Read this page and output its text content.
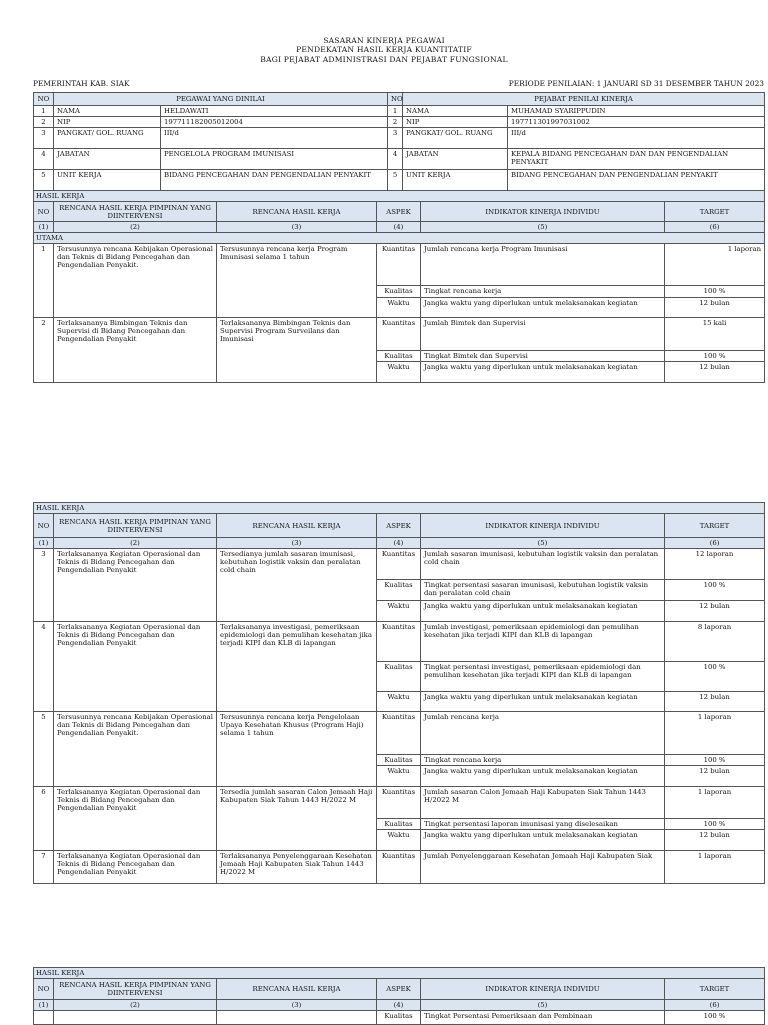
SASARAN KINERJA PEGAWAI
PENDEKATAN HASIL KERJA KUANTITATIF
BAGI PEJABAT ADMINISTRASI DAN PEJABAT FUNGSIONAL
PEMERINTAH KAB. SIAK	PERIODE PENILAIAN: 1 JANUARI SD 31 DESEMBER TAHUN 2023
NO	PEGAWAI YANG DINILAI		NO	PEJABAT PENILAI KINERJA	
1	NAMA	HELDAWATI	1	NAMA	MUHAMAD SYARIPPUDIN
2	NIP	197711182005012004	2	NIP	197711301997031002
3	PANGKAT/ GOL. RUANG	III/d	3	PANGKAT/ GOL. RUANG	III/d
4	JABATAN	PENGELOLA PROGRAM IMUNISASI	4	JABATAN	KEPALA BIDANG PENCEGAHAN DAN DAN PENGENDALIAN PENYAKIT
5	UNIT KERJA	BIDANG PENCEGAHAN DAN PENGENDALIAN PENYAKIT	5	UNIT KERJA	BIDANG PENCEGAHAN DAN PENGENDALIAN PENYAKIT
HASIL KERJA					
NO	RENCANA HASIL KERJA PIMPINAN YANG DIINTERVENSI	RENCANA HASIL KERJA	ASPEK	INDIKATOR KINERJA INDIVIDU	TARGET
(1)	(2)	(3)	(4)	(5)	(6)
UTAMA					
1	Tersusunnya rencana Kebijakan Operasional dan Teknis di Bidang Pencegahan dan Pengendalian Penyakit.	Tersusunnya rencana kerja Program Imunisasi selama 1 tahun	Kuantitas	Jumlah rencana kerja Program Imunisasi	1 laporan
			Kualitas	Tingkat rencana kerja	100 %
			Waktu	Jangka waktu yang diperlukan untuk melaksanakan kegiatan	12 bulan
2	Terlaksananya Bimbingan Teknis dan Supervisi di Bidang Pencegahan dan Pengendalian Penyakit	Terlaksananya Bimbingan Teknis dan Supervisi Program Surveilans dan Imunisasi	Kuantitas	Jumlah Bimtek dan Supervisi	15 kali
			Kualitas	Tingkat Bimtek dan Supervisi	100 %
			Waktu	Jangka waktu yang diperlukan untuk melaksanakan kegiatan	12 bulan
HASIL KERJA					
NO	RENCANA HASIL KERJA PIMPINAN YANG DIINTERVENSI	RENCANA HASIL KERJA	ASPEK	INDIKATOR KINERJA INDIVIDU	TARGET
(1)	(2)	(3)	(4)	(5)	(6)
3	Terlaksananya Kegiatan Operasional dan Teknis di Bidang Pencegahan dan Pengendalian Penyakit	Tersedianya jumlah sasaran imunisasi, kebutuhan logistik vaksin dan peralatan cold chain	Kuantitas	Jumlah sasaran imunisasi, kebutuhan logistik vaksin dan peralatan cold chain	12 laporan
			Kualitas	Tingkat persentasi sasaran imunisasi, kebutuhan logistik vaksin dan peralatan cold chain	100 %
			Waktu	Jangka waktu yang diperlukan untuk melaksanakan kegiatan	12 bulan
4	Terlaksananya Kegiatan Operasional dan Teknis di Bidang Pencegahan dan Pengendalian Penyakit	Terlaksananya investigasi, pemeriksaan epidemiologi dan pemulihan kesehatan jika terjadi KIPI dan KLB di lapangan	Kuantitas	Jumlah investigasi, pemeriksaan epidemiologi dan pemulihan kesehatan jika terjadi KIPI dan KLB di lapangan	8 laporan
			Kualitas	Tingkat persentasi investigasi, pemeriksaan epidemiologi dan pemulihan kesehatan jika terjadi KIPI dan KLB di lapangan	100 %
			Waktu	Jangka waktu yang diperlukan untuk melaksanakan kegiatan	12 bulan
5	Tersusunnya rencana Kebijakan Operasional dan Teknis di Bidang Pencegahan dan Pengendalian Penyakit.	Tersusunnya rencana kerja Pengelolaan Upaya Kesehatan Khusus (Program Haji) selama 1 tahun	Kuantitas	Jumlah rencana kerja	1 laporan
			Kualitas	Tingkat rencana kerja	100 %
			Waktu	Jangka waktu yang diperlukan untuk melaksanakan kegiatan	12 bulan
6	Terlaksananya Kegiatan Operasional dan Teknis di Bidang Pencegahan dan Pengendalian Penyakit	Tersedia jumlah sasaran Calon Jemaah Haji Kabupaten Siak Tahun 1443 H/2022 M	Kuantitas	Jumlah sasaran Calon Jemaah Haji Kabupaten Siak Tahun 1443 H/2022 M	1 laporan
			Kualitas	Tingkat persentasi laporan imunisasi yang diselesaikan	100 %
			Waktu	Jangka waktu yang diperlukan untuk melaksanakan kegiatan	12 bulan
7	Terlaksananya Kegiatan Operasional dan Teknis di Bidang Pencegahan dan Pengendalian Penyakit	Terlaksananya Penyelenggaraan Kesehatan Jemaah Haji Kabupaten Siak Tahun 1443 H/2022 M	Kuantitas	Jumlah Penyelenggaraan Kesehatan Jemaah Haji Kabupaten Siak	1 laporan
HASIL KERJA					
NO	RENCANA HASIL KERJA PIMPINAN YANG DIINTERVENSI	RENCANA HASIL KERJA	ASPEK	INDIKATOR KINERJA INDIVIDU	TARGET
(1)	(2)	(3)	(4)	(5)	(6)
			Kualitas	Tingkat Persentasi Pemeriksaan dan Pembinaan	100 %
